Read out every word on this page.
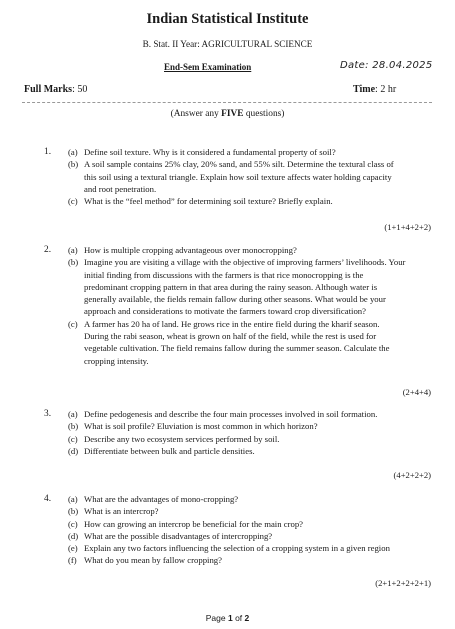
Indian Statistical Institute
B. Stat. II Year: AGRICULTURAL SCIENCE
End-Sem Examination	Date: 28.04.2025
Full Marks: 50	Time: 2 hr
(Answer any FIVE questions)
1. (a) Define soil texture. Why is it considered a fundamental property of soil?
(b) A soil sample contains 25% clay, 20% sand, and 55% silt. Determine the textural class of this soil using a textural triangle. Explain how soil texture affects water holding capacity and root penetration.
(c) What is the “feel method” for determining soil texture? Briefly explain.
(1+1+4+2+2)
2. (a) How is multiple cropping advantageous over monocropping?
(b) Imagine you are visiting a village with the objective of improving farmers’ livelihoods. Your initial finding from discussions with the farmers is that rice monocropping is the predominant cropping pattern in that area during the rainy season. Although water is generally available, the fields remain fallow during other seasons. What would be your approach and considerations to motivate the farmers toward crop diversification?
(c) A farmer has 20 ha of land. He grows rice in the entire field during the kharif season. During the rabi season, wheat is grown on half of the field, while the rest is used for vegetable cultivation. The field remains fallow during the summer season. Calculate the cropping intensity.
(2+4+4)
3. (a) Define pedogenesis and describe the four main processes involved in soil formation.
(b) What is soil profile? Eluviation is most common in which horizon?
(c) Describe any two ecosystem services performed by soil.
(d) Differentiate between bulk and particle densities.
(4+2+2+2)
4. (a) What are the advantages of mono-cropping?
(b) What is an intercrop?
(c) How can growing an intercrop be beneficial for the main crop?
(d) What are the possible disadvantages of intercropping?
(e) Explain any two factors influencing the selection of a cropping system in a given region
(f) What do you mean by fallow cropping?
(2+1+2+2+2+1)
Page 1 of 2
